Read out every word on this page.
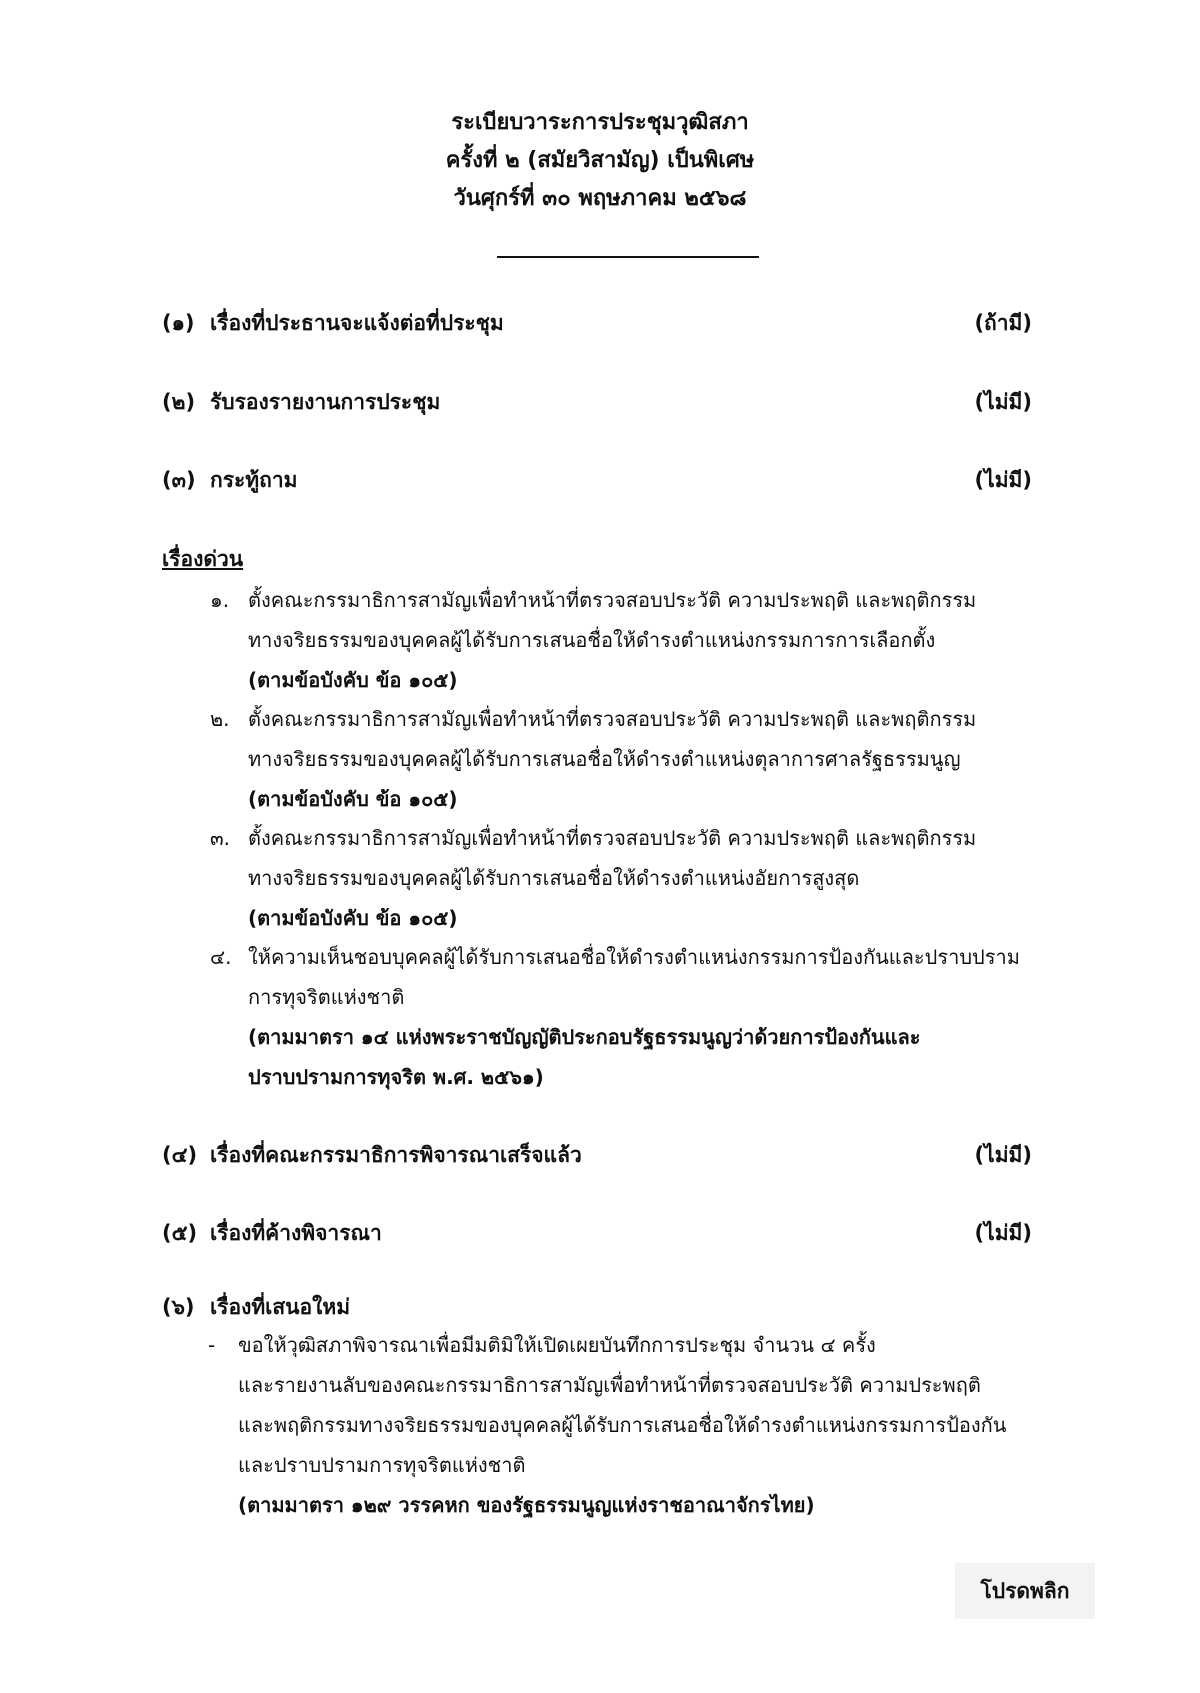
ระเบียบวาระการประชุมวุฒิสภา
ครั้งที่ ๒ (สมัยวิสามัญ) เป็นพิเศษ
วันศุกร์ที่ ๓๐ พฤษภาคม ๒๕๖๘
(๑) เรื่องที่ประธานจะแจ้งต่อที่ประชุม	(ถ้ามี)
(๒) รับรองรายงานการประชุม	(ไม่มี)
(๓) กระทู้ถาม	(ไม่มี)
เรื่องด่วน
๑. ตั้งคณะกรรมาธิการสามัญเพื่อทำหน้าที่ตรวจสอบประวัติ ความประพฤติ และพฤติกรรม
ทางจริยธรรมของบุคคลผู้ได้รับการเสนอชื่อให้ดำรงตำแหน่งกรรมการการเลือกตั้ง
(ตามข้อบังคับ ข้อ ๑๐๕)
๒. ตั้งคณะกรรมาธิการสามัญเพื่อทำหน้าที่ตรวจสอบประวัติ ความประพฤติ และพฤติกรรม
ทางจริยธรรมของบุคคลผู้ได้รับการเสนอชื่อให้ดำรงตำแหน่งตุลาการศาลรัฐธรรมนูญ
(ตามข้อบังคับ ข้อ ๑๐๕)
๓. ตั้งคณะกรรมาธิการสามัญเพื่อทำหน้าที่ตรวจสอบประวัติ ความประพฤติ และพฤติกรรม
ทางจริยธรรมของบุคคลผู้ได้รับการเสนอชื่อให้ดำรงตำแหน่งอัยการสูงสุด
(ตามข้อบังคับ ข้อ ๑๐๕)
๔. ให้ความเห็นชอบบุคคลผู้ได้รับการเสนอชื่อให้ดำรงตำแหน่งกรรมการป้องกันและปราบปราม
การทุจริตแห่งชาติ
(ตามมาตรา ๑๔ แห่งพระราชบัญญัติประกอบรัฐธรรมนูญว่าด้วยการป้องกันและ
ปราบปรามการทุจริต พ.ศ. ๒๕๖๑)
(๔) เรื่องที่คณะกรรมาธิการพิจารณาเสร็จแล้ว	(ไม่มี)
(๕) เรื่องที่ค้างพิจารณา	(ไม่มี)
(๖) เรื่องที่เสนอใหม่
-	ขอให้วุฒิสภาพิจารณาเพื่อมีมติมิให้เปิดเผยบันทึกการประชุม จำนวน ๔ ครั้ง
และรายงานลับของคณะกรรมาธิการสามัญเพื่อทำหน้าที่ตรวจสอบประวัติ ความประพฤติ
และพฤติกรรมทางจริยธรรมของบุคคลผู้ได้รับการเสนอชื่อให้ดำรงตำแหน่งกรรมการป้องกัน
และปราบปรามการทุจริตแห่งชาติ
(ตามมาตรา ๑๒๙ วรรคหก ของรัฐธรรมนูญแห่งราชอาณาจักรไทย)
โปรดพลิก
